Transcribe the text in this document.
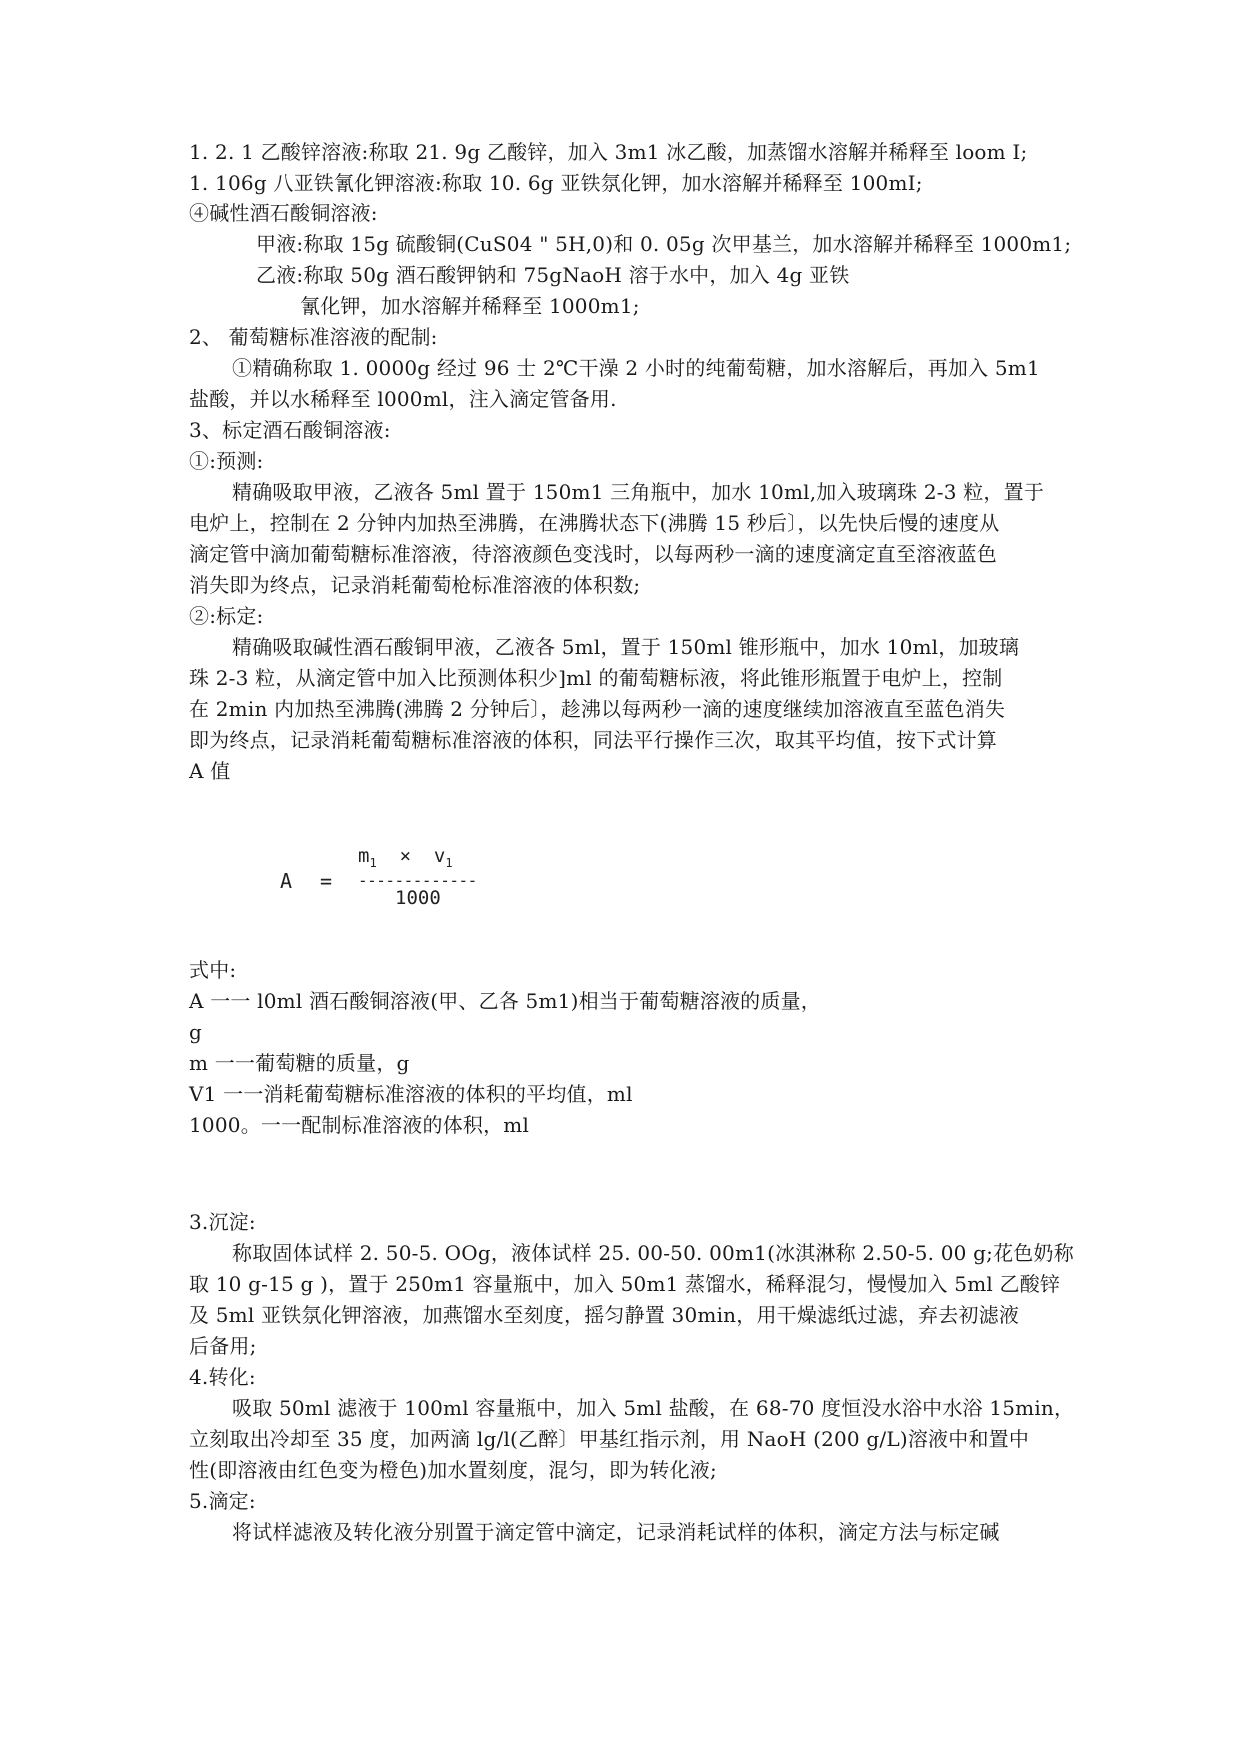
1. 2. 1 乙酸锌溶液:称取 21. 9g 乙酸锌，加入 3m1 冰乙酸，加蒸馏水溶解并稀释至 loom I;
1. 106g 八亚铁氰化钾溶液:称取 10. 6g 亚铁氛化钾，加水溶解并稀释至 100mI;
④碱性酒石酸铜溶液:
甲液:称取 15g 硫酸铜(CuS04 " 5H,0)和 0. 05g 次甲基兰，加水溶解并稀释至 1000m1;
乙液:称取 50g 酒石酸钾钠和 75gNaoH 溶于水中，加入 4g 亚铁
氰化钾，加水溶解并稀释至 1000m1;
2、 葡萄糖标准溶液的配制:
①精确称取 1. 0000g 经过 96 士 2℃干澡 2 小时的纯葡萄糖，加水溶解后，再加入 5m1
盐酸，并以水稀释至 l000ml，注入滴定管备用.
3、标定酒石酸铜溶液:
①:预测:
精确吸取甲液，乙液各 5ml 置于 150m1 三角瓶中，加水 10ml,加入玻璃珠 2-3 粒，置于
电炉上，控制在 2 分钟内加热至沸腾，在沸腾状态下(沸腾 15 秒后〕，以先快后慢的速度从
滴定管中滴加葡萄糖标准溶液，待溶液颜色变浅时，以每两秒一滴的速度滴定直至溶液蓝色
消失即为终点，记录消耗葡萄枪标准溶液的体积数;
②:标定:
精确吸取碱性酒石酸铜甲液，乙液各 5ml，置于 150ml 锥形瓶中，加水 10ml，加玻璃
珠 2-3 粒，从滴定管中加入比预测体积少]ml 的葡萄糖标液，将此锥形瓶置于电炉上，控制
在 2min 内加热至沸腾(沸腾 2 分钟后〕，趁沸以每两秒一滴的速度继续加溶液直至蓝色消失
即为终点，记录消耗葡萄糖标准溶液的体积，同法平行操作三次，取其平均值，按下式计算
A 值
A =
$m_1 \times v_1$
-------------
1000
式中:
A 一一 l0ml 酒石酸铜溶液(甲、乙各 5m1)相当于葡萄糖溶液的质量，
g
m 一一葡萄糖的质量，g
V1 一一消耗葡萄糖标准溶液的体积的平均值，ml
1000。一一配制标准溶液的体积，ml
3.沉淀:
称取固体试样 2. 50-5. OOg，液体试样 25. 00-50. 00m1(冰淇淋称 2.50-5. 00 g;花色奶称
取 10 g-15 g )，置于 250m1 容量瓶中，加入 50m1 蒸馏水，稀释混匀，慢慢加入 5ml 乙酸锌
及 5ml 亚铁氛化钾溶液，加燕馏水至刻度，摇匀静置 30min，用干燥滤纸过滤，弃去初滤液
后备用;
4.转化:
吸取 50ml 滤液于 100ml 容量瓶中，加入 5ml 盐酸，在 68-70 度恒没水浴中水浴 15min，
立刻取出冷却至 35 度，加两滴 lg/l(乙醉〕甲基红指示剂，用 NaoH (200 g/L)溶液中和置中
性(即溶液由红色变为橙色)加水置刻度，混匀，即为转化液;
5.滴定:
将试样滤液及转化液分别置于滴定管中滴定，记录消耗试样的体积，滴定方法与标定碱
